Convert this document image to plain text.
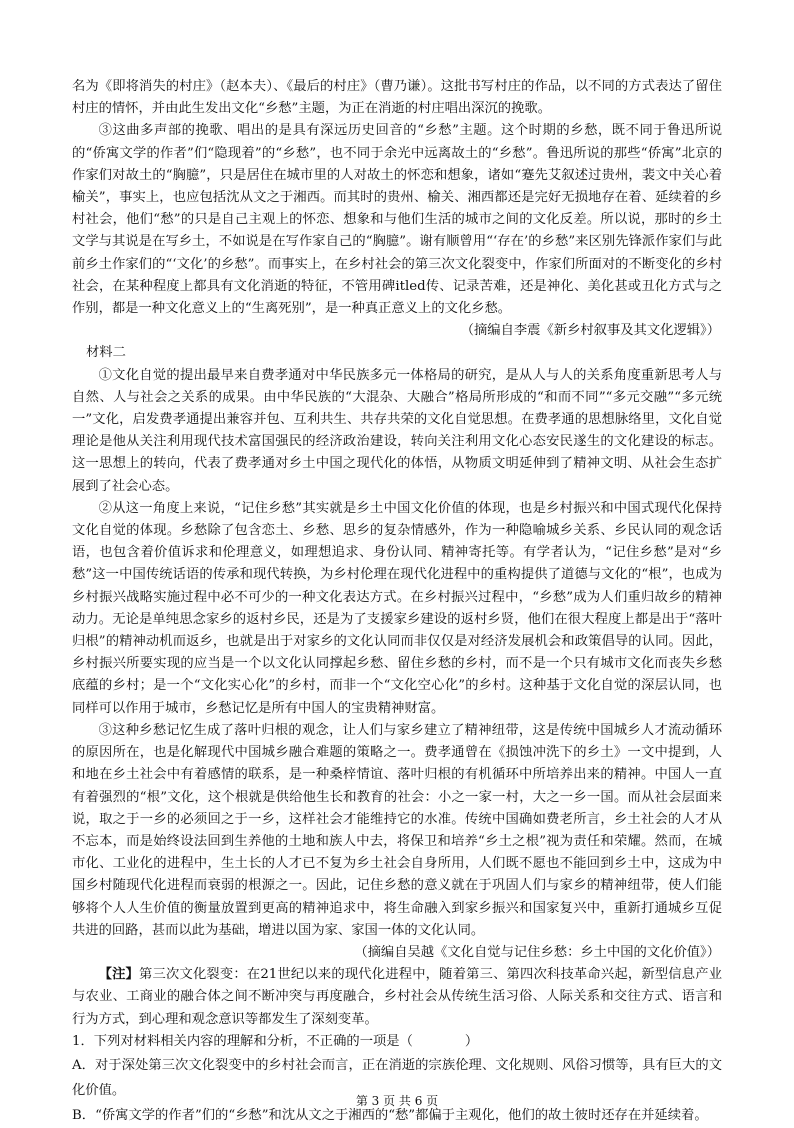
名为《即将消失的村庄》（赵本夫）、《最后的村庄》（曹乃谦）。这批书写村庄的作品，以不同的方式表达了留住村庄的情怀，并由此生发出文化“乡愁”主题，为正在消逝的村庄唱出深沉的挽歌。

③这曲多声部的挽歌、唱出的是具有深远历史回音的“乡愁”主题。这个时期的乡愁，既不同于鲁迅所说的“侨寓文学的作者”们“隐现着”的“乡愁”，也不同于余光中远离故土的“乡愁”。鲁迅所说的那些“侨寓”北京的作家们对故土的“胸臆”，只是居住在城市里的人对故土的怀恋和想象，诸如“蹇先艾叙述过贵州，裴文中关心着榆关”，事实上，也应包括沈从文之于湘西。而其时的贵州、榆关、湘西都还是完好无损地存在着、延续着的乡村社会，他们“愁”的只是自己主观上的怀恋、想象和与他们生活的城市之间的文化反差。所以说，那时的乡土文学与其说是在写乡土，不如说是在写作家自己的“胸臆”。谢有顺曾用“‘存在’的乡愁”来区别先锋派作家们与此前乡土作家们的“‘文化’的乡愁”。而事实上，在乡村社会的第三次文化裂变中，作家们所面对的不断变化的乡村社会，在某种程度上都具有文化消逝的特征，不管用碑itled传、记录苦难，还是神化、美化甚或丑化方式与之作别，都是一种文化意义上的“生离死别”，是一种真正意义上的文化乡愁。

（摘编自李震《新乡村叙事及其文化逻辑》）

材料二

①文化自觉的提出最早来自费孝通对中华民族多元一体格局的研究，是从人与人的关系角度重新思考人与自然、人与社会之关系的成果。由中华民族的“大混杂、大融合”格局所形成的“和而不同”“多元交融”“多元统一”文化，启发费孝通提出兼容并包、互利共生、共存共荣的文化自觉思想。在费孝通的思想脉络里，文化自觉理论是他从关注利用现代技术富国强民的经济政治建设，转向关注利用文化心态安民遂生的文化建设的标志。这一思想上的转向，代表了费孝通对乡土中国之现代化的体悟，从物质文明延伸到了精神文明、从社会生态扩展到了社会心态。

②从这一角度上来说，“记住乡愁”其实就是乡土中国文化价值的体现，也是乡村振兴和中国式现代化保持文化自觉的体现。乡愁除了包含恋土、乡愁、思乡的复杂情感外，作为一种隐喻城乡关系、乡民认同的观念话语，也包含着价值诉求和伦理意义，如理想追求、身份认同、精神寄托等。有学者认为，“记住乡愁”是对“乡愁”这一中国传统话语的传承和现代转换，为乡村伦理在现代化进程中的重构提供了道德与文化的“根”，也成为乡村振兴战略实施过程中必不可少的一种文化表达方式。在乡村振兴过程中，“乡愁”成为人们重归故乡的精神动力。无论是单纯思念家乡的返村乡民，还是为了支援家乡建设的返村乡贤，他们在很大程度上都是出于“落叶归根”的精神动机而返乡，也就是出于对家乡的文化认同而非仅仅是对经济发展机会和政策倡导的认同。因此，乡村振兴所要实现的应当是一个以文化认同撑起乡愁、留住乡愁的乡村，而不是一个只有城市文化而丧失乡愁底蕴的乡村；是一个“文化实心化”的乡村，而非一个“文化空心化”的乡村。这种基于文化自觉的深层认同，也同样可以作用于城市，乡愁记忆是所有中国人的宝贵精神财富。

③这种乡愁记忆生成了落叶归根的观念，让人们与家乡建立了精神纽带，这是传统中国城乡人才流动循环的原因所在，也是化解现代中国城乡融合难题的策略之一。费孝通曾在《损蚀冲洗下的乡土》一文中提到，人和地在乡土社会中有着感情的联系，是一种桑梓情谊、落叶归根的有机循环中所培养出来的精神。中国人一直有着强烈的“根”文化，这个根就是供给他生长和教育的社会：小之一家一村，大之一乡一国。而从社会层面来说，取之于一乡的必须回之于一乡，这样社会才能维持它的水准。传统中国确如费老所言，乡土社会的人才从不忘本，而是始终设法回到生养他的土地和族人中去，将保卫和培养“乡土之根”视为责任和荣耀。然而，在城市化、工业化的进程中，生土长的人才已不复为乡土社会自身所用，人们既不愿也不能回到乡土中，这成为中国乡村随现代化进程而衰弱的根源之一。因此，记住乡愁的意义就在于巩固人们与家乡的精神纽带，使人们能够将个人人生价值的衡量放置到更高的精神追求中，将生命融入到家乡振兴和国家复兴中，重新打通城乡互促共进的回路，甚而以此为基础，增进以国为家、家国一体的文化认同。

（摘编自吴越《文化自觉与记住乡愁：乡土中国的文化价值》）

【注】第三次文化裂变：在21世纪以来的现代化进程中，随着第三、第四次科技革命兴起，新型信息产业与农业、工商业的融合体之间不断冲突与再度融合，乡村社会从传统生活习俗、人际关系和交往方式、语言和行为方式，到心理和观念意识等都发生了深刻变革。

1．下列对材料相关内容的理解和分析，不正确的一项是（	）

A．对于深处第三次文化裂变中的乡村社会而言，正在消逝的宗族伦理、文化规则、风俗习惯等，具有巨大的文化价值。

B．“侨寓文学的作者”们的“乡愁”和沈从文之于湘西的“愁”都偏于主观化，他们的故土彼时还存在并延续着。

第 3 页 共 6 页
